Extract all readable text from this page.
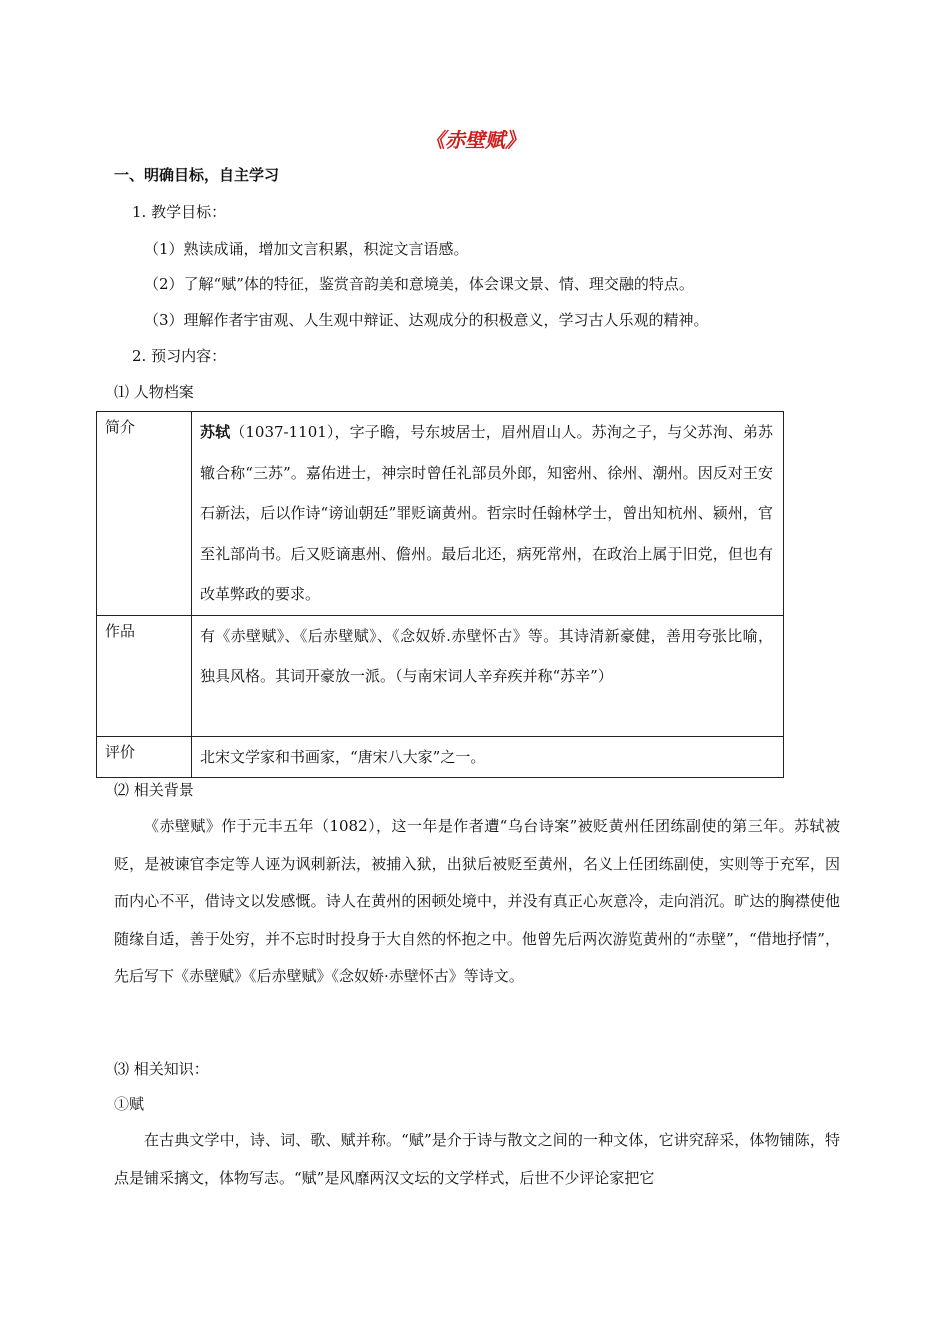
《赤壁赋》
一、明确目标，自主学习
1. 教学目标：
（1）熟读成诵，增加文言积累，积淀文言语感。
（2）了解“赋”体的特征，鉴赏音韵美和意境美，体会课文景、情、理交融的特点。
（3）理解作者宇宙观、人生观中辩证、达观成分的积极意义，学习古人乐观的精神。
2. 预习内容：
⑴ 人物档案
简介	苏轼（1037-1101），字子瞻，号东坡居士，眉州眉山人。苏洵之子，与父苏洵、弟苏辙合称“三苏”。嘉佑进士，神宗时曾任礼部员外郎，知密州、徐州、潮州。因反对王安石新法，后以作诗“谤讪朝廷”罪贬谪黄州。哲宗时任翰林学士，曾出知杭州、颍州，官至礼部尚书。后又贬谪惠州、儋州。最后北还，病死常州，在政治上属于旧党，但也有改革弊政的要求。
作品	有《赤壁赋》、《后赤壁赋》、《念奴娇.赤壁怀古》等。其诗清新豪健，善用夸张比喻，独具风格。其词开豪放一派。（与南宋词人辛弃疾并称“苏辛”）
评价	北宋文学家和书画家，“唐宋八大家”之一。
⑵ 相关背景
《赤壁赋》作于元丰五年（1082），这一年是作者遭“乌台诗案”被贬黄州任团练副使的第三年。苏轼被贬，是被谏官李定等人诬为讽刺新法，被捕入狱，出狱后被贬至黄州，名义上任团练副使，实则等于充军，因而内心不平，借诗文以发感慨。诗人在黄州的困顿处境中，并没有真正心灰意冷，走向消沉。旷达的胸襟使他随缘自适，善于处穷，并不忘时时投身于大自然的怀抱之中。他曾先后两次游览黄州的“赤壁”，“借地抒情”，先后写下《赤壁赋》《后赤壁赋》《念奴娇·赤壁怀古》等诗文。
⑶ 相关知识：
①赋
在古典文学中，诗、词、歌、赋并称。“赋”是介于诗与散文之间的一种文体，它讲究辞采，体物铺陈，特点是铺采摛文，体物写志。“赋”是风靡两汉文坛的文学样式，后世不少评论家把它
